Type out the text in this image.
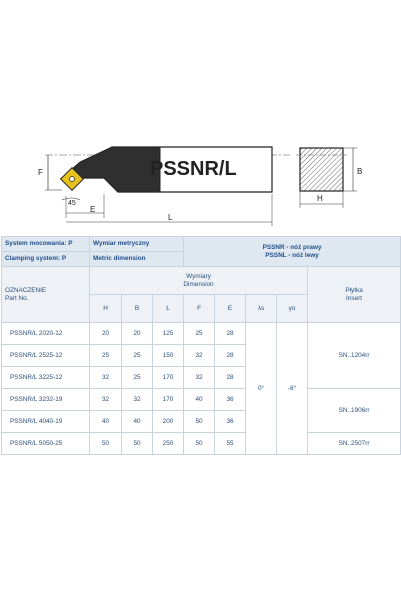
PSSNR/L
F
45
E
L
B
H
System mocowania: P	Wymiar metryczny			PSSNR - nóż prawy
PSSNL - nóż lewy				

Clamping system: P	Metric dimension							

OZNACZENIE
Part No.	Wymiary
Dimension							Płytka
Insert

	H	B	L	F	E	λs	γo	
PSSNR/L 2020-12	20	20	125	25	28	0°	-8°	SN..1204rr
PSSNR/L 2525-12	25	25	150	32	28			
PSSNR/L 3225-12	32	25	170	32	28			
PSSNR/L 3232-19	32	32	170	40	36			SN..1906rr
PSSNR/L 4040-19	40	40	200	50	36			
PSSNR/L 5050-25	50	50	250	50	55			SN..2507rr
